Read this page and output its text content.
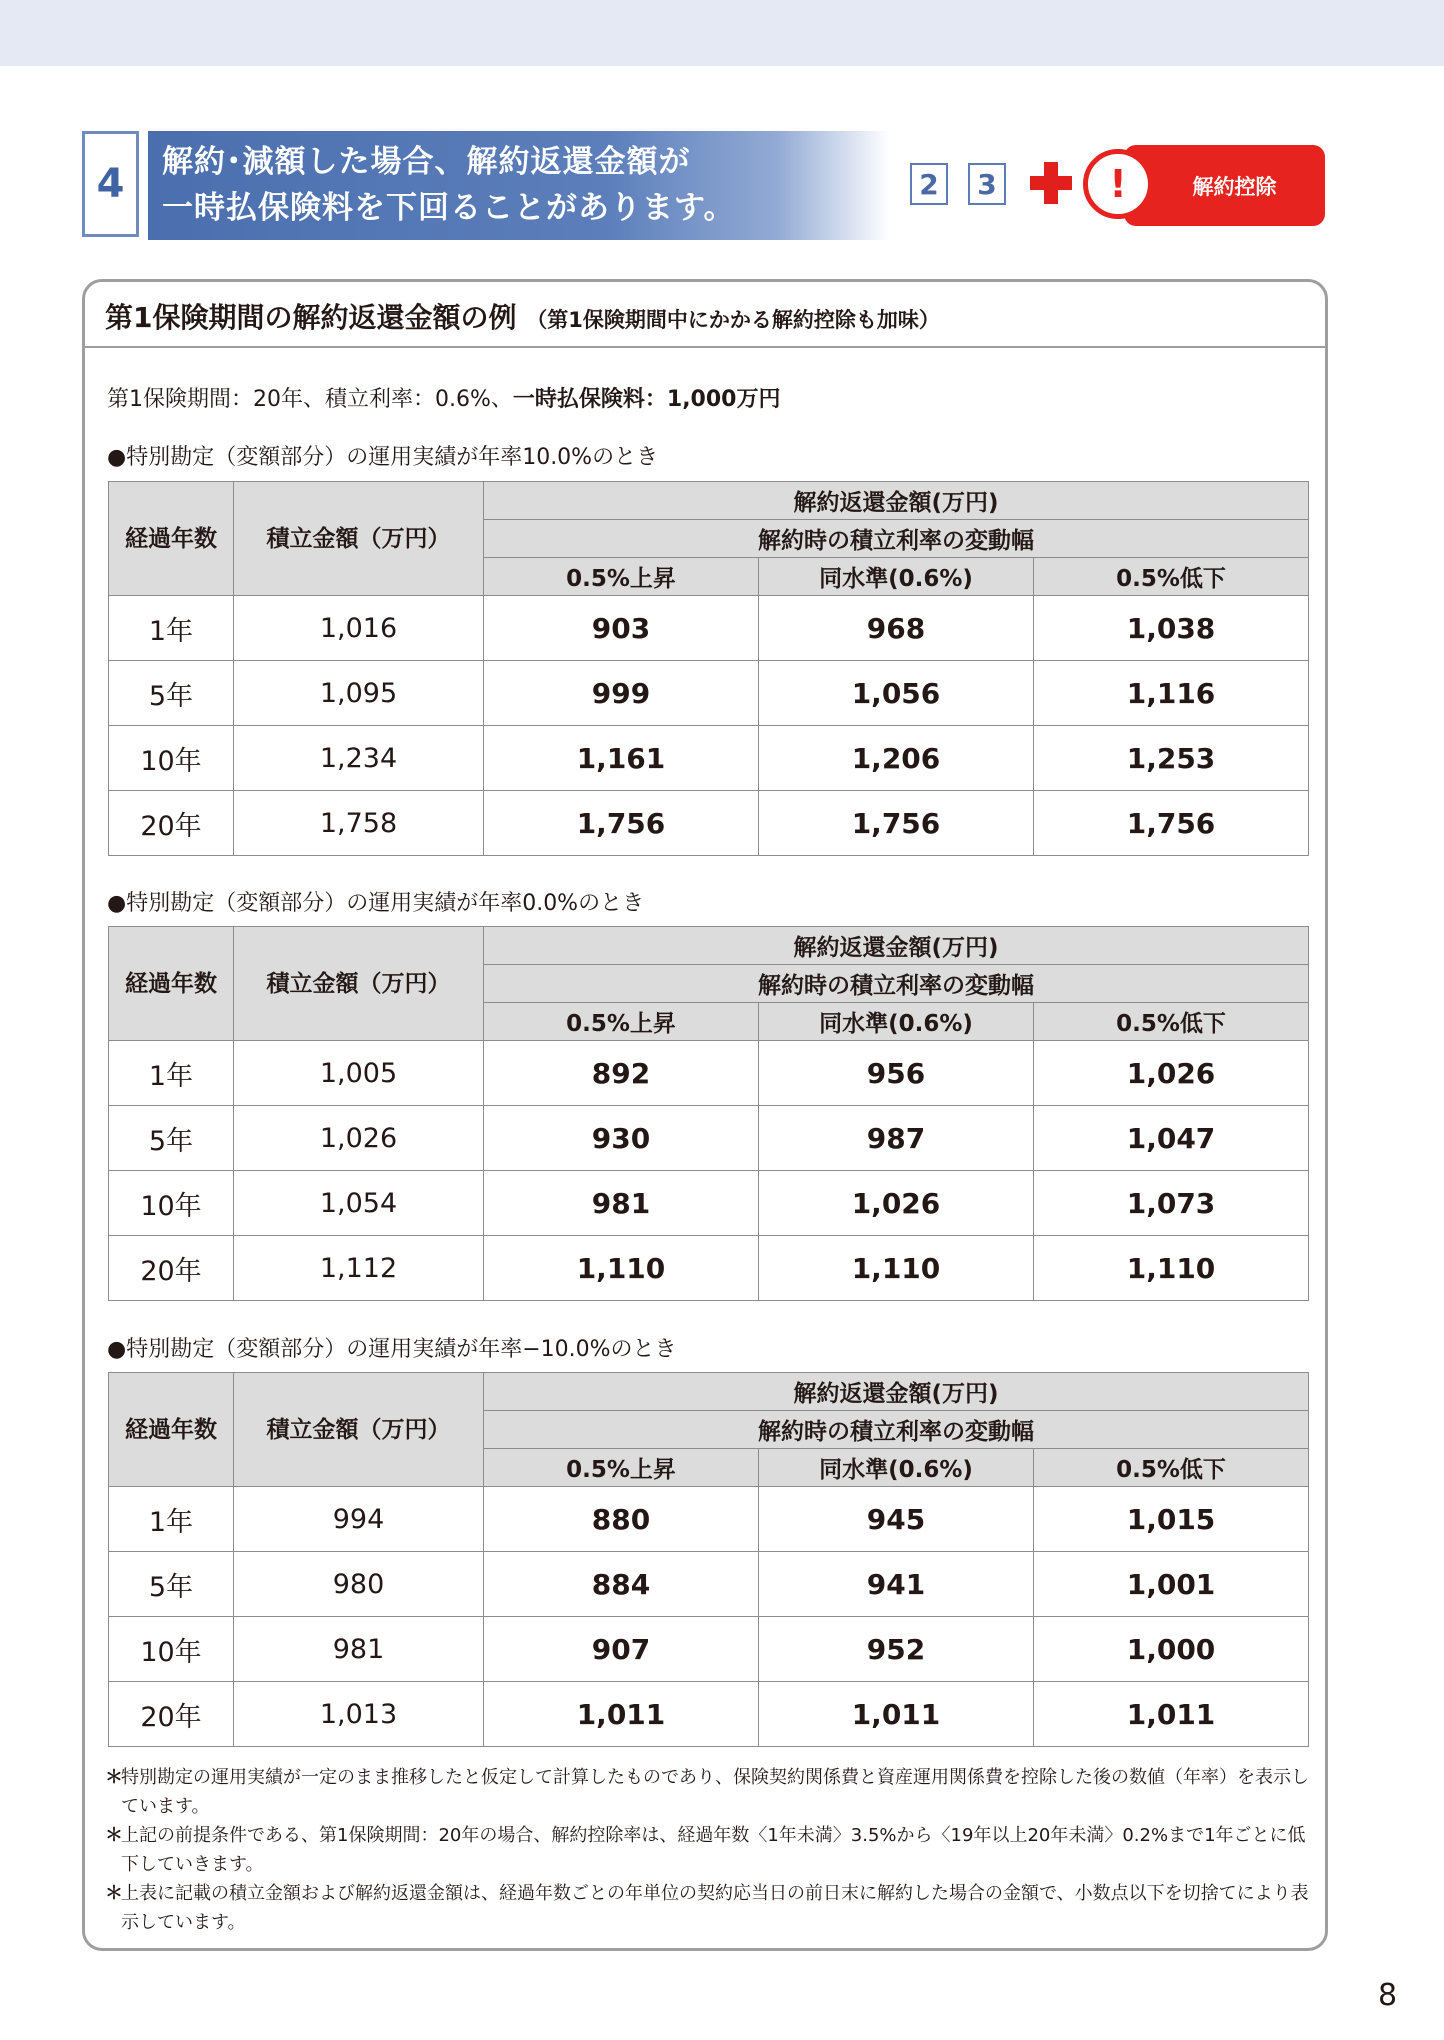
4	解約･減額した場合、解約返還金額が
一時払保険料を下回ることがあります。
2	3	解約控除
!
第1保険期間の解約返還金額の例 （第1保険期間中にかかる解約控除も加味）
第1保険期間：20年、積立利率：0.6%、一時払保険料：1,000万円
●特別勘定（変額部分）の運用実績が年率10.0%のとき
経過年数	積立金額（万円）	解約返還金額(万円)		
		解約時の積立利率の変動幅		
		0.5%上昇	同水準(0.6%)	0.5%低下
1年	1,016	903	968	1,038
5年	1,095	999	1,056	1,116
10年	1,234	1,161	1,206	1,253
20年	1,758	1,756	1,756	1,756
●特別勘定（変額部分）の運用実績が年率0.0%のとき
経過年数	積立金額（万円）	解約返還金額(万円)		
		解約時の積立利率の変動幅		
		0.5%上昇	同水準(0.6%)	0.5%低下
1年	1,005	892	956	1,026
5年	1,026	930	987	1,047
10年	1,054	981	1,026	1,073
20年	1,112	1,110	1,110	1,110
●特別勘定（変額部分）の運用実績が年率−10.0%のとき
経過年数	積立金額（万円）	解約返還金額(万円)		
		解約時の積立利率の変動幅		
		0.5%上昇	同水準(0.6%)	0.5%低下
1年	994	880	945	1,015
5年	980	884	941	1,001
10年	981	907	952	1,000
20年	1,013	1,011	1,011	1,011
＊
特別勘定の運用実績が一定のまま推移したと仮定して計算したものであり、保険契約関係費と資産運用関係費を控除した後の数値（年率）を表示しています。
＊
上記の前提条件である、第1保険期間：20年の場合、解約控除率は、経過年数〈1年未満〉3.5%から〈19年以上20年未満〉0.2%まで1年ごとに低下していきます。
＊
上表に記載の積立金額および解約返還金額は、経過年数ごとの年単位の契約応当日の前日末に解約した場合の金額で、小数点以下を切捨てにより表示しています。
8
